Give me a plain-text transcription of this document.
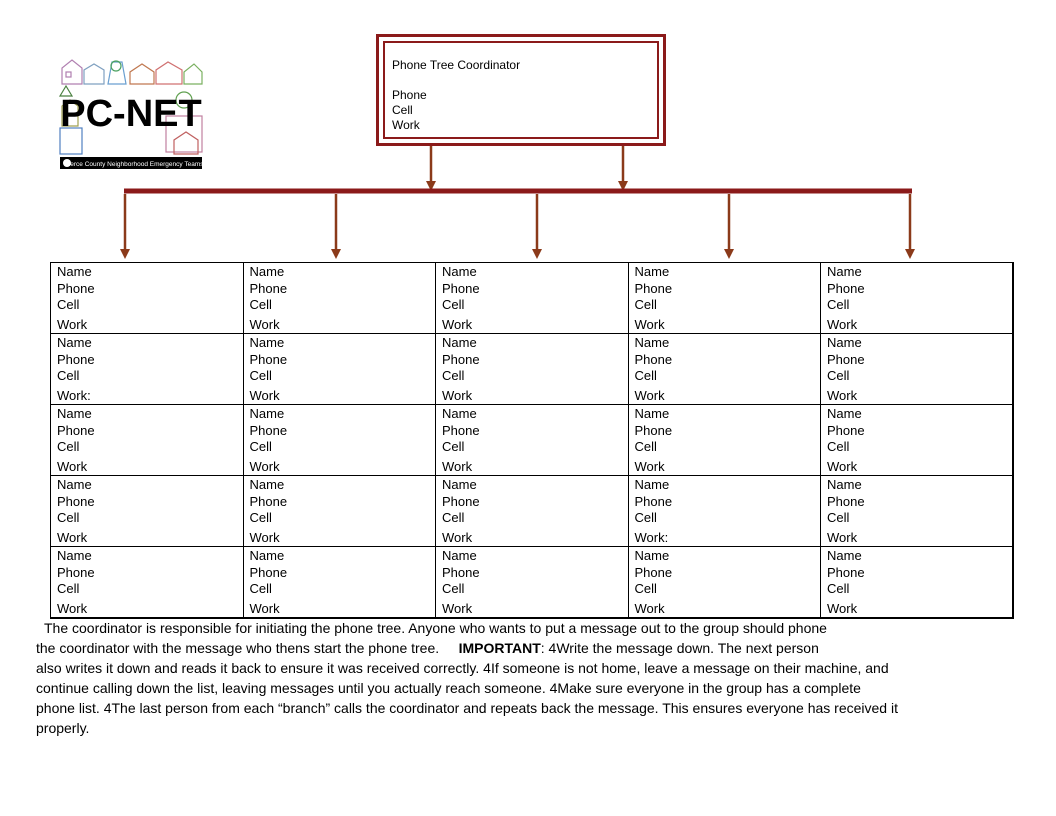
PC-NET
Pierce County Neighborhood Emergency Teams
Phone Tree Coordinator
Phone
Cell
Work
Name
Phone
Cell
Work	Name
Phone
Cell
Work	Name
Phone
Cell
Work	Name
Phone
Cell
Work	Name
Phone
Cell
Work

Name
Phone
Cell
Work:	Name
Phone
Cell
Work	Name
Phone
Cell
Work	Name
Phone
Cell
Work	Name
Phone
Cell
Work

Name
Phone
Cell
Work	Name
Phone
Cell
Work	Name
Phone
Cell
Work	Name
Phone
Cell
Work	Name
Phone
Cell
Work

Name
Phone
Cell
Work	Name
Phone
Cell
Work	Name
Phone
Cell
Work	Name
Phone
Cell
Work:	Name
Phone
Cell
Work

Name
Phone
Cell
Work	Name
Phone
Cell
Work	Name
Phone
Cell
Work	Name
Phone
Cell
Work	Name
Phone
Cell
Work

The coordinator is responsible for initiating the phone tree. Anyone who wants to put a message out to the group should phone

the coordinator with the message who thens start the phone tree. IMPORTANT: 4Write the message down. The next person

also writes it down and reads it back to ensure it was received correctly. 4If someone is not home, leave a message on their machine, and

continue calling down the list, leaving messages until you actually reach someone. 4Make sure everyone in the group has a complete

phone list. 4The last person from each “branch” calls the coordinator and repeats back the message. This ensures everyone has received it

properly.
